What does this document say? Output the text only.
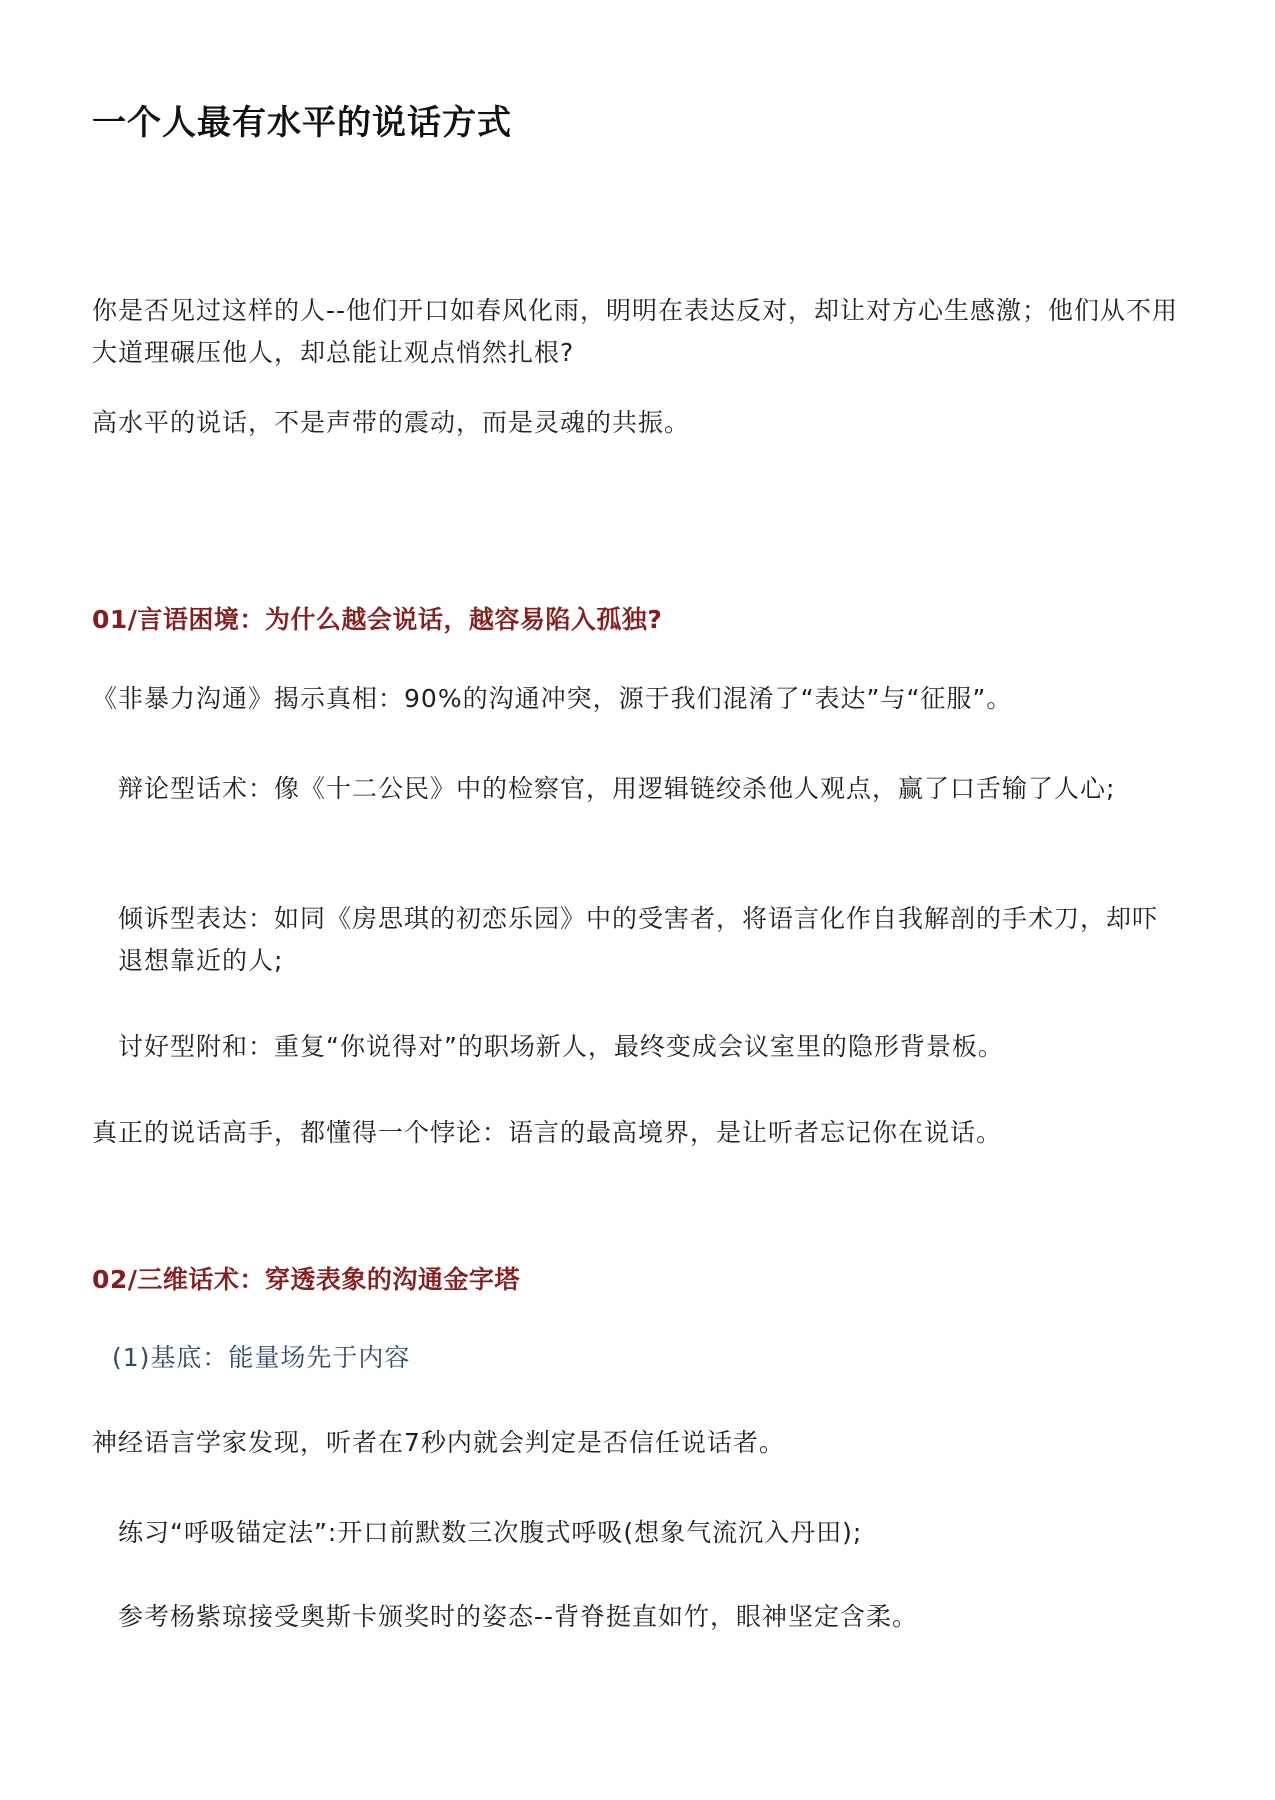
一个人最有水平的说话方式
你是否见过这样的人--他们开口如春风化雨，明明在表达反对，却让对方心生感激；他们从不用大道理碾压他人，却总能让观点悄然扎根?
高水平的说话，不是声带的震动，而是灵魂的共振。
01/言语困境：为什么越会说话，越容易陷入孤独?
《非暴力沟通》揭示真相：90%的沟通冲突，源于我们混淆了“表达”与“征服”。
辩论型话术：像《十二公民》中的检察官，用逻辑链绞杀他人观点，赢了口舌输了人心;
倾诉型表达：如同《房思琪的初恋乐园》中的受害者，将语言化作自我解剖的手术刀，却吓退想靠近的人;
讨好型附和：重复“你说得对”的职场新人，最终变成会议室里的隐形背景板。
真正的说话高手，都懂得一个悖论：语言的最高境界，是让听者忘记你在说话。
02/三维话术：穿透表象的沟通金字塔
(1)基底：能量场先于内容
神经语言学家发现，听者在7秒内就会判定是否信任说话者。
练习“呼吸锚定法”:开口前默数三次腹式呼吸(想象气流沉入丹田);
参考杨紫琼接受奥斯卡颁奖时的姿态--背脊挺直如竹，眼神坚定含柔。
